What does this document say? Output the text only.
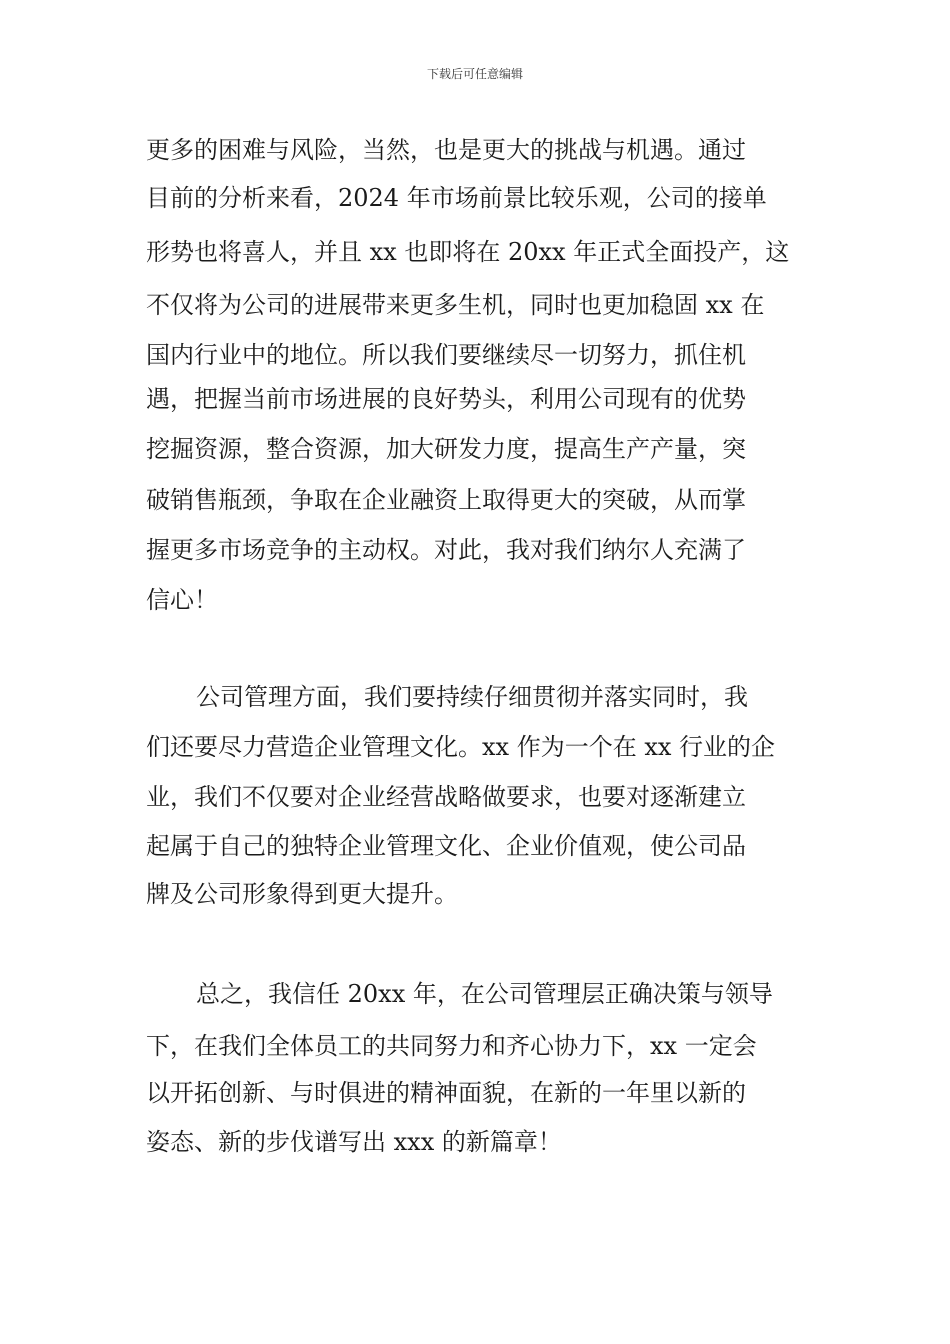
下载后可任意编辑
更多的困难与风险，当然，也是更大的挑战与机遇。通过
目前的分析来看，2024 年市场前景比较乐观，公司的接单
形势也将喜人，并且 xx 也即将在 20xx 年正式全面投产，这
不仅将为公司的进展带来更多生机，同时也更加稳固 xx 在
国内行业中的地位。所以我们要继续尽一切努力，抓住机
遇，把握当前市场进展的良好势头，利用公司现有的优势
挖掘资源，整合资源，加大研发力度，提高生产产量，突
破销售瓶颈，争取在企业融资上取得更大的突破，从而掌
握更多市场竞争的主动权。对此，我对我们纳尔人充满了
信心！
公司管理方面，我们要持续仔细贯彻并落实同时，我
们还要尽力营造企业管理文化。xx 作为一个在 xx 行业的企
业，我们不仅要对企业经营战略做要求，也要对逐渐建立
起属于自己的独特企业管理文化、企业价值观，使公司品
牌及公司形象得到更大提升。
总之，我信任 20xx 年，在公司管理层正确决策与领导
下，在我们全体员工的共同努力和齐心协力下，xx 一定会
以开拓创新、与时俱进的精神面貌，在新的一年里以新的
姿态、新的步伐谱写出 xxx 的新篇章！
